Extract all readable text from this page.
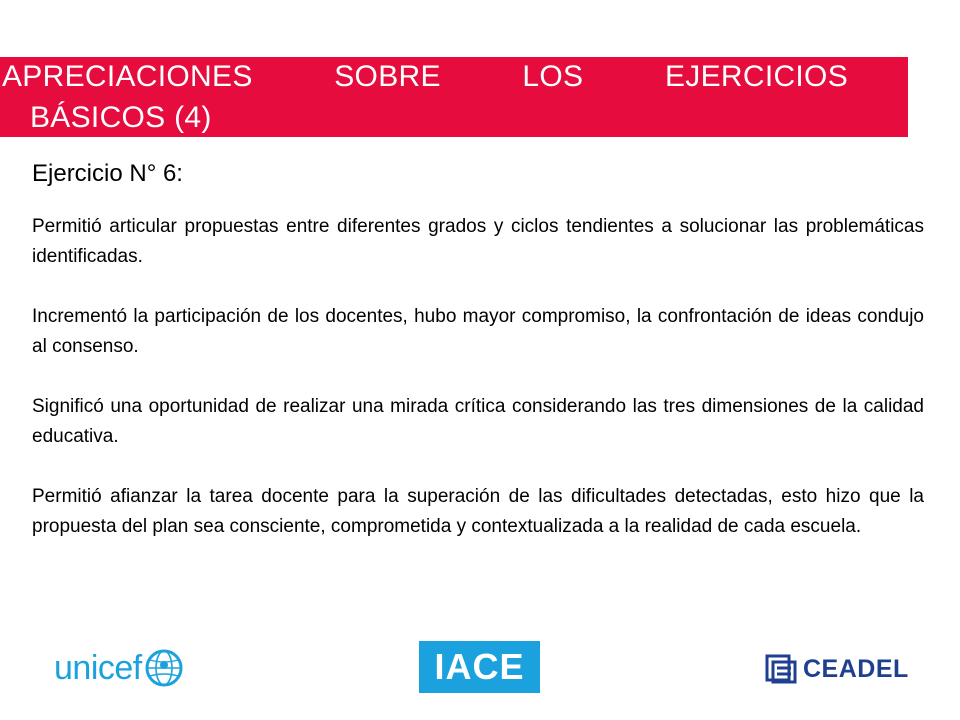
APRECIACIONES	SOBRE	LOS	EJERCICIOS
BÁSICOS (4)
Ejercicio N° 6:

Permitió articular propuestas entre diferentes grados y ciclos tendientes a solucionar las problemáticas identificadas.

Incrementó la participación de los docentes, hubo mayor compromiso, la confrontación de ideas condujo al consenso.

Significó una oportunidad de realizar una mirada crítica considerando las tres dimensiones de la calidad educativa.

Permitió afianzar la tarea docente para la superación de las dificultades detectadas, esto hizo que la propuesta del plan sea consciente, comprometida y contextualizada a la realidad de cada escuela.

unicef	IACE	CEADEL
